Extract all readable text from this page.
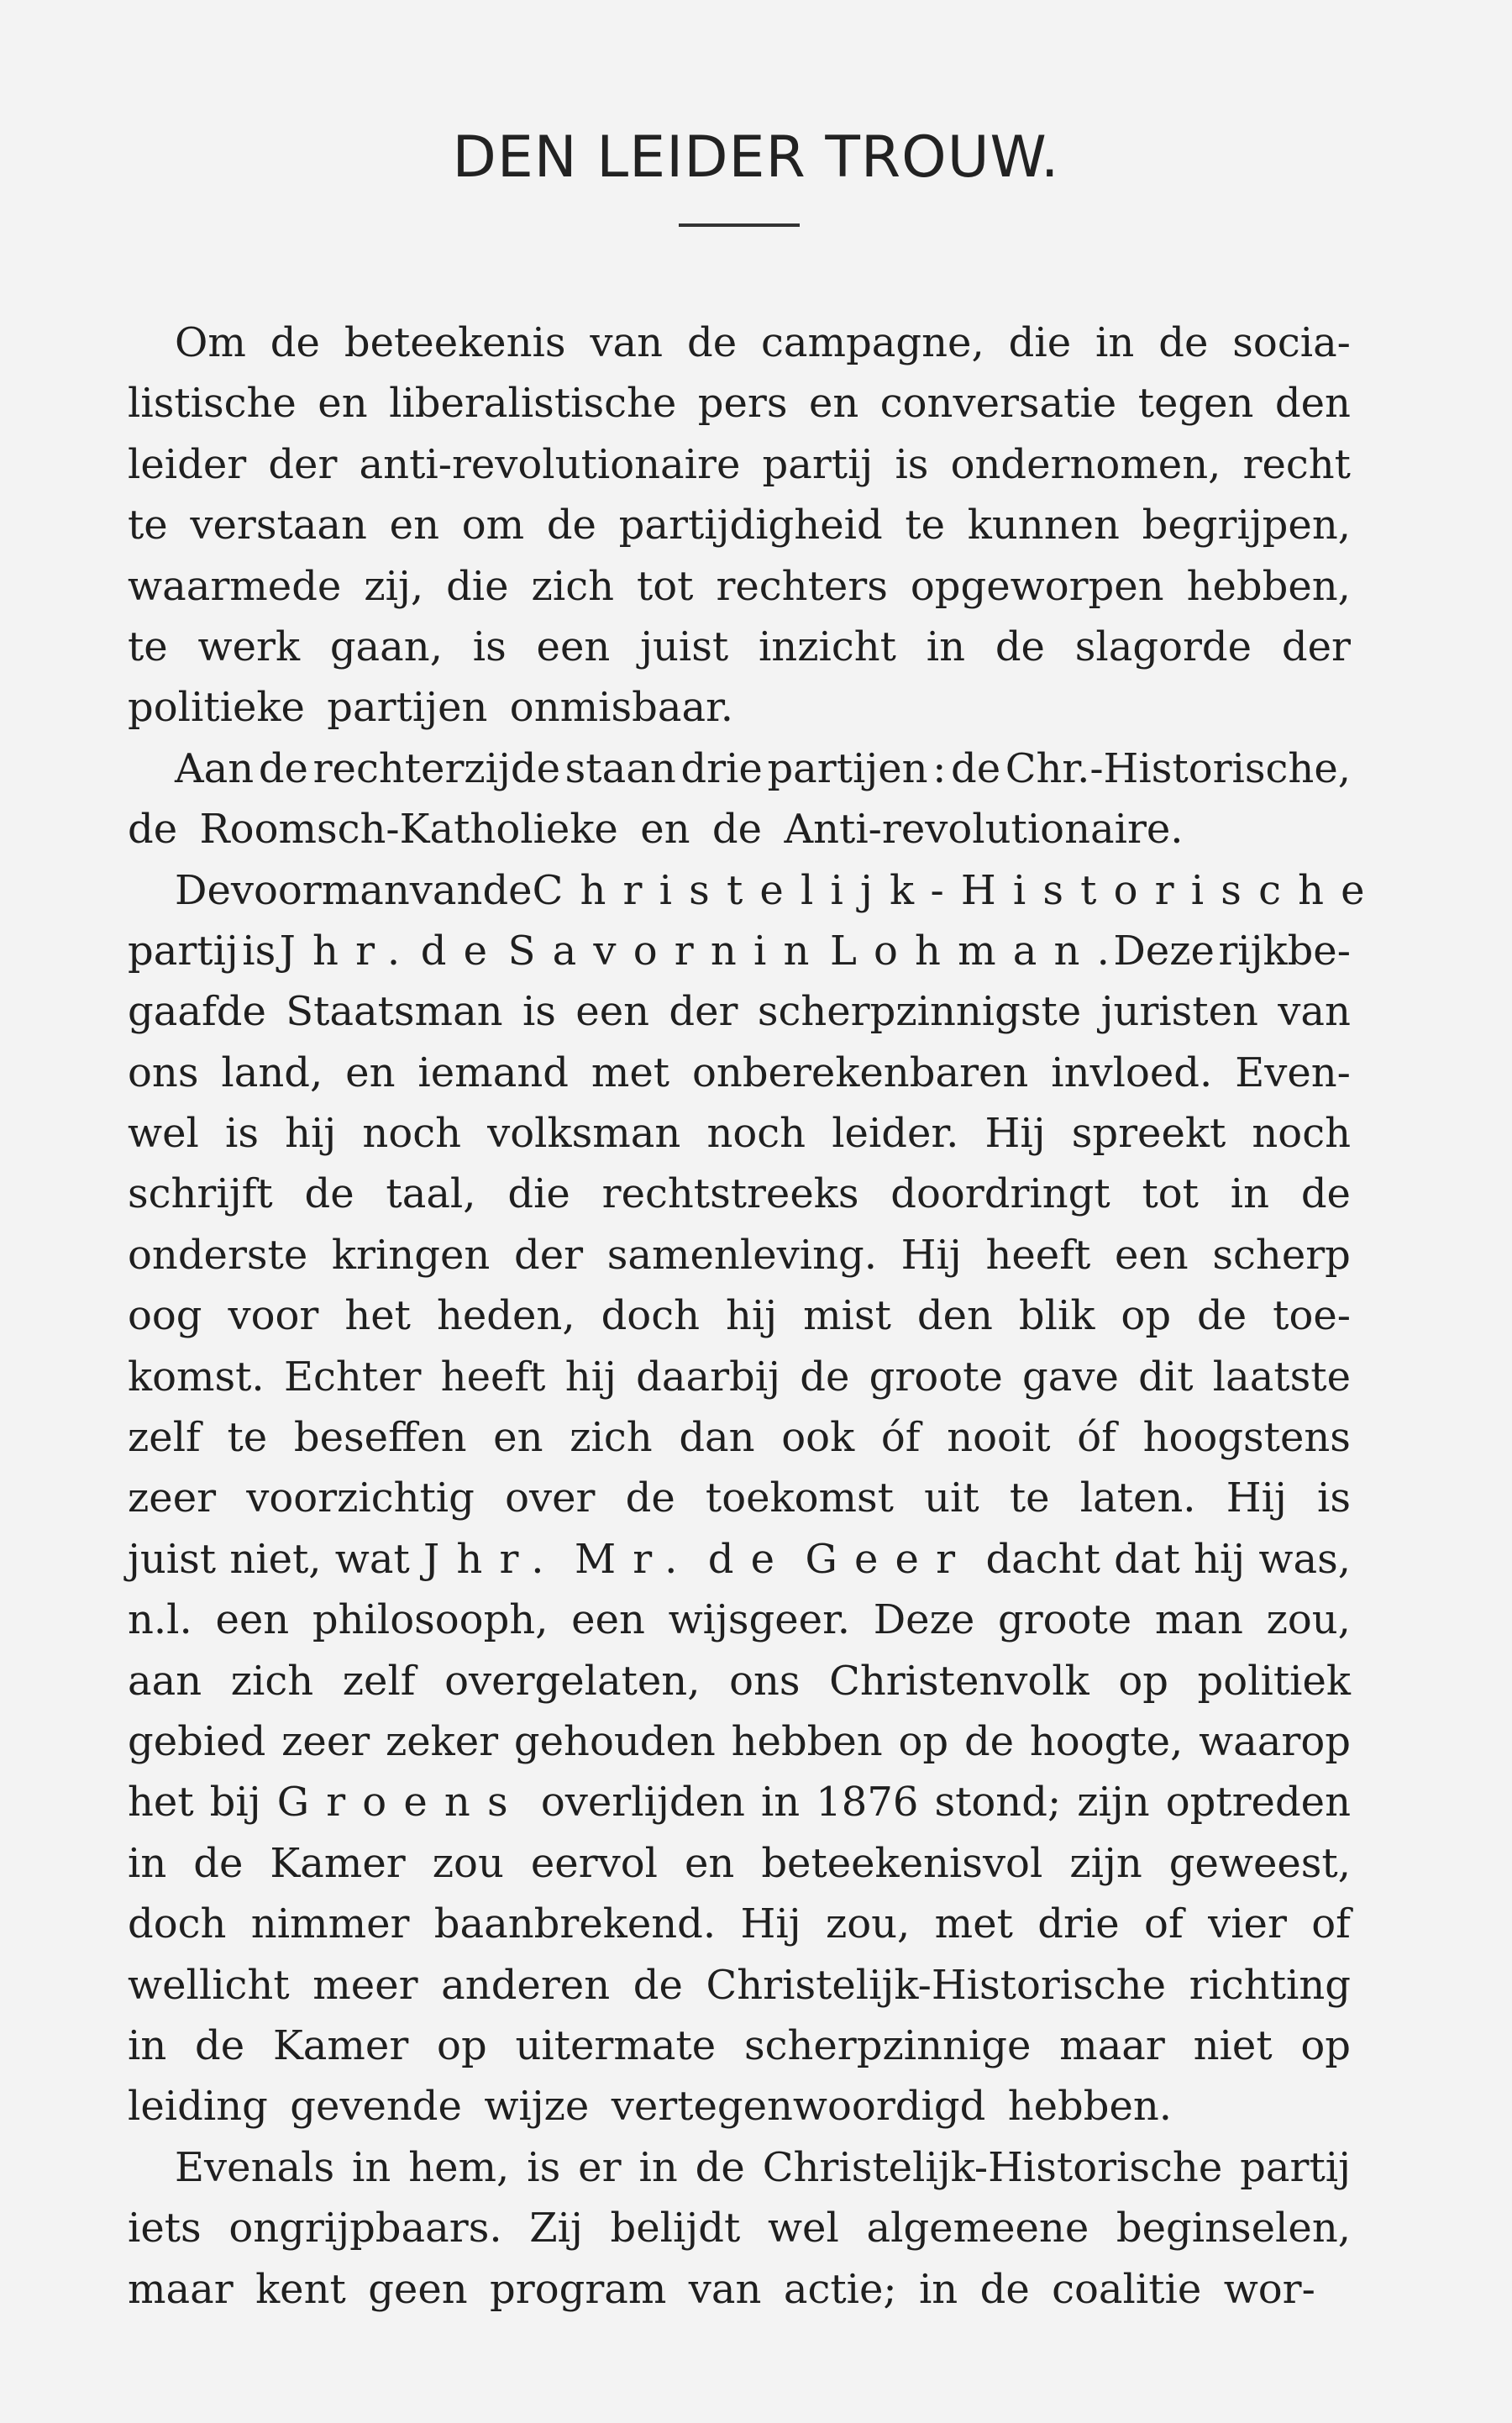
DEN LEIDER TROUW.
Om de beteekenis van de campagne, die in de socia-
listische en liberalistische pers en conversatie tegen den
leider der anti-revolutionaire partij is ondernomen, recht
te verstaan en om de partijdigheid te kunnen begrijpen,
waarmede zij, die zich tot rechters opgeworpen hebben,
te werk gaan, is een juist inzicht in de slagorde der
politieke partijen onmisbaar.
Aan de rechterzijde staan drie partijen : de Chr.-Historische,
de Roomsch-Katholieke en de Anti-revolutionaire.
De voorman van de Christelijk-Historische
partij is Jhr. de Savornin Lohman. Deze rijkbe-
gaafde Staatsman is een der scherpzinnigste juristen van
ons land, en iemand met onberekenbaren invloed. Even-
wel is hij noch volksman noch leider. Hij spreekt noch
schrijft de taal, die rechtstreeks doordringt tot in de
onderste kringen der samenleving. Hij heeft een scherp
oog voor het heden, doch hij mist den blik op de toe-
komst. Echter heeft hij daarbij de groote gave dit laatste
zelf te beseffen en zich dan ook óf nooit óf hoogstens
zeer voorzichtig over de toekomst uit te laten. Hij is
juist niet, wat Jhr. Mr. de Geer dacht dat hij was,
n.l. een philosooph, een wijsgeer. Deze groote man zou,
aan zich zelf overgelaten, ons Christenvolk op politiek
gebied zeer zeker gehouden hebben op de hoogte, waarop
het bij Groens overlijden in 1876 stond; zijn optreden
in de Kamer zou eervol en beteekenisvol zijn geweest,
doch nimmer baanbrekend. Hij zou, met drie of vier of
wellicht meer anderen de Christelijk-Historische richting
in de Kamer op uitermate scherpzinnige maar niet op
leiding gevende wijze vertegenwoordigd hebben.
Evenals in hem, is er in de Christelijk-Historische partij
iets ongrijpbaars. Zij belijdt wel algemeene beginselen,
maar kent geen program van actie; in de coalitie wor-
